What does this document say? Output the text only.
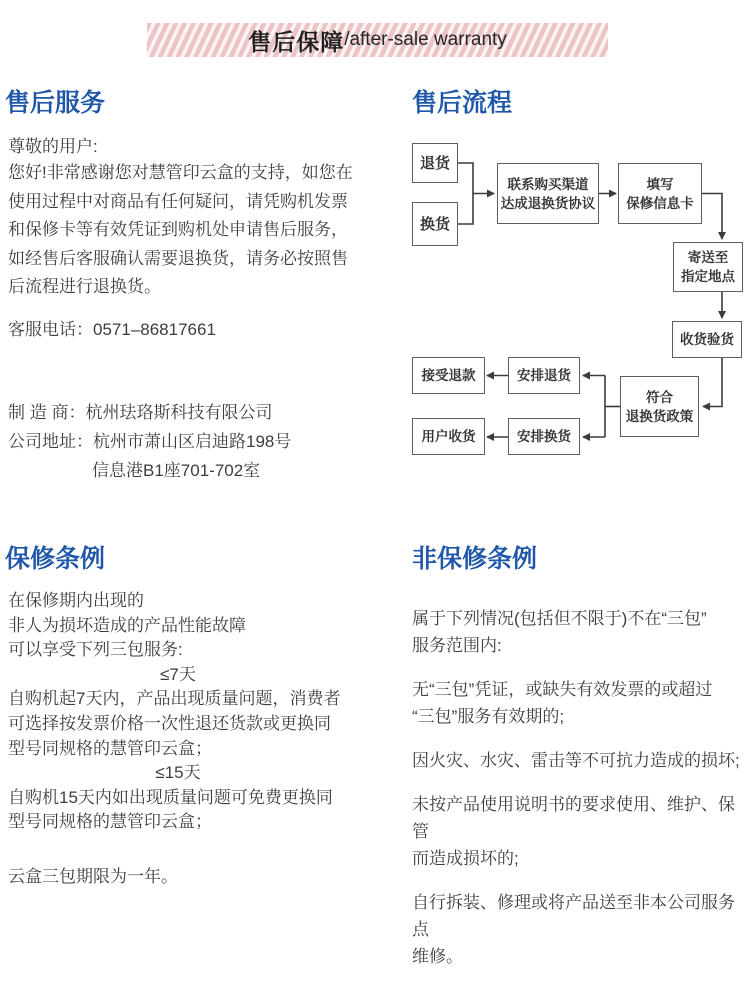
售后保障 /after-sale warranty
售后服务
尊敬的用户:
您好!非常感谢您对慧管印云盒的支持，如您在
使用过程中对商品有任何疑问，请凭购机发票
和保修卡等有效凭证到购机处申请售后服务，
如经售后客服确认需要退换货，请务必按照售
后流程进行退换货。
客服电话：0571–86817661
制 造 商：杭州珐珞斯科技有限公司
公司地址：杭州市萧山区启迪路198号
信息港B1座701-702室
售后流程
退货
换货
联系购买渠道
达成退换货协议
填写
保修信息卡
寄送至
指定地点
收货验货
符合
退换货政策
安排退货
接受退款
安排换货
用户收货
保修条例
在保修期内出现的
非人为损坏造成的产品性能故障
可以享受下列三包服务:
≤7天
自购机起7天内，产品出现质量问题，消费者
可选择按发票价格一次性退还货款或更换同
型号同规格的慧管印云盒；
≤15天
自购机15天内如出现质量问题可免费更换同
型号同规格的慧管印云盒；
云盒三包期限为一年。
非保修条例

属于下列情况(包括但不限于)不在“三包”
服务范围内:

无“三包”凭证，或缺失有效发票的或超过
“三包”服务有效期的;

因火灾、水灾、雷击等不可抗力造成的损坏;

未按产品使用说明书的要求使用、维护、保管
而造成损坏的;

自行拆装、修理或将产品送至非本公司服务点
维修。
